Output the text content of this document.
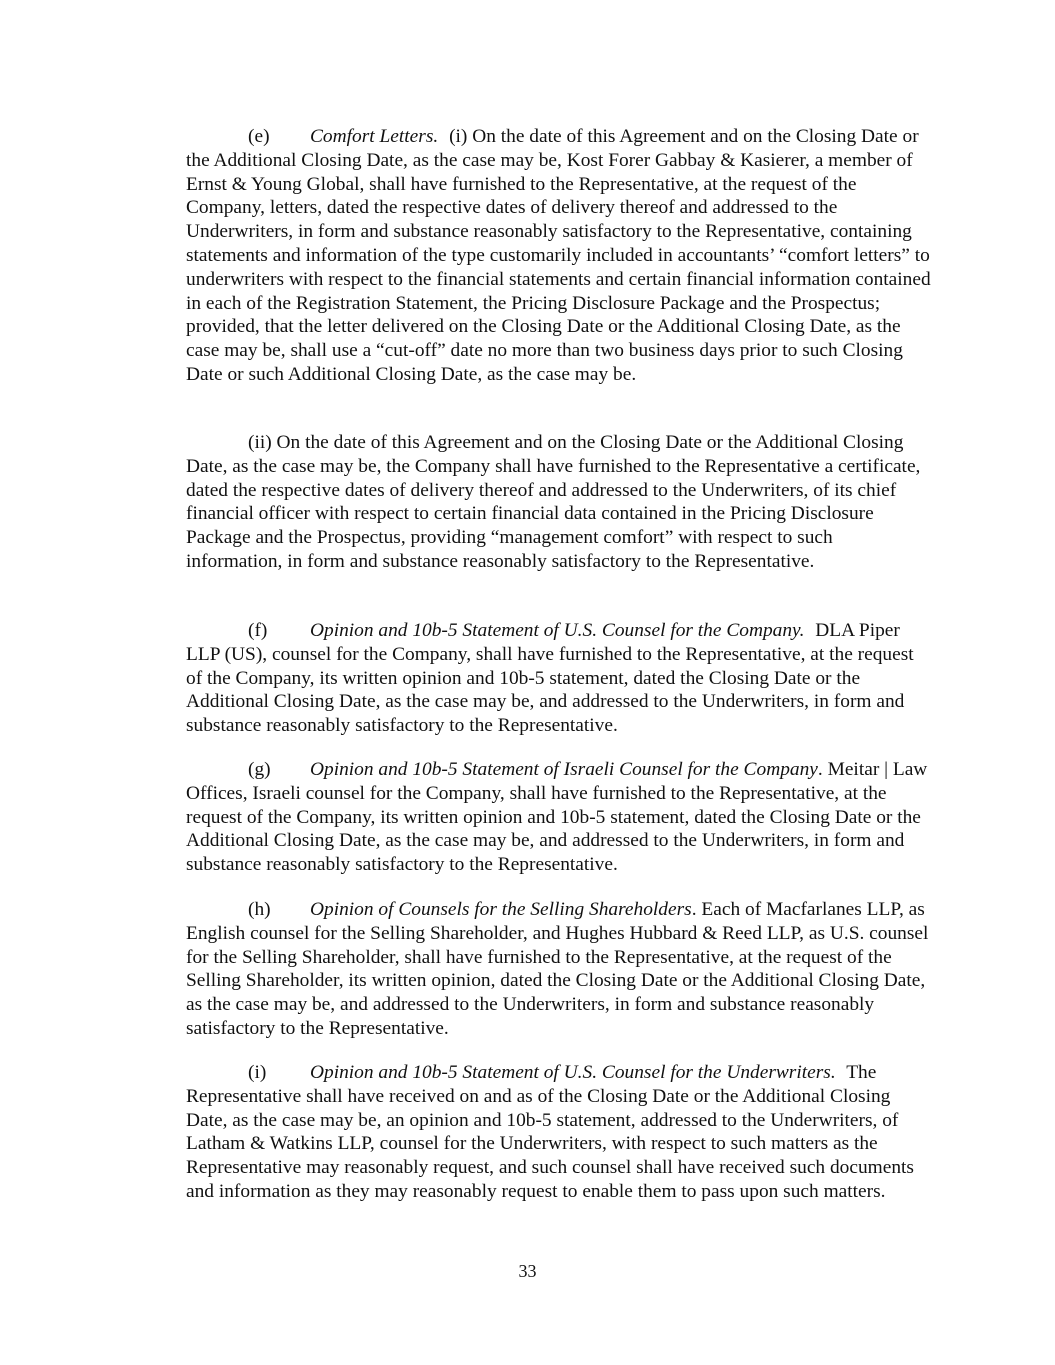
(e) Comfort Letters. (i) On the date of this Agreement and on the Closing Date or the Additional Closing Date, as the case may be, Kost Forer Gabbay & Kasierer, a member of Ernst & Young Global, shall have furnished to the Representative, at the request of the Company, letters, dated the respective dates of delivery thereof and addressed to the Underwriters, in form and substance reasonably satisfactory to the Representative, containing statements and information of the type customarily included in accountants’ “comfort letters” to underwriters with respect to the financial statements and certain financial information contained in each of the Registration Statement, the Pricing Disclosure Package and the Prospectus; provided, that the letter delivered on the Closing Date or the Additional Closing Date, as the case may be, shall use a “cut-off” date no more than two business days prior to such Closing Date or such Additional Closing Date, as the case may be.

(ii) On the date of this Agreement and on the Closing Date or the Additional Closing Date, as the case may be, the Company shall have furnished to the Representative a certificate, dated the respective dates of delivery thereof and addressed to the Underwriters, of its chief financial officer with respect to certain financial data contained in the Pricing Disclosure Package and the Prospectus, providing “management comfort” with respect to such information, in form and substance reasonably satisfactory to the Representative.

(f) Opinion and 10b-5 Statement of U.S. Counsel for the Company. DLA Piper LLP (US), counsel for the Company, shall have furnished to the Representative, at the request of the Company, its written opinion and 10b-5 statement, dated the Closing Date or the Additional Closing Date, as the case may be, and addressed to the Underwriters, in form and substance reasonably satisfactory to the Representative.

(g) Opinion and 10b-5 Statement of Israeli Counsel for the Company. Meitar | Law Offices, Israeli counsel for the Company, shall have furnished to the Representative, at the request of the Company, its written opinion and 10b-5 statement, dated the Closing Date or the Additional Closing Date, as the case may be, and addressed to the Underwriters, in form and substance reasonably satisfactory to the Representative.

(h) Opinion of Counsels for the Selling Shareholders. Each of Macfarlanes LLP, as English counsel for the Selling Shareholder, and Hughes Hubbard & Reed LLP, as U.S. counsel for the Selling Shareholder, shall have furnished to the Representative, at the request of the Selling Shareholder, its written opinion, dated the Closing Date or the Additional Closing Date, as the case may be, and addressed to the Underwriters, in form and substance reasonably satisfactory to the Representative.

(i) Opinion and 10b-5 Statement of U.S. Counsel for the Underwriters. The Representative shall have received on and as of the Closing Date or the Additional Closing Date, as the case may be, an opinion and 10b-5 statement, addressed to the Underwriters, of Latham & Watkins LLP, counsel for the Underwriters, with respect to such matters as the Representative may reasonably request, and such counsel shall have received such documents and information as they may reasonably request to enable them to pass upon such matters.

33
